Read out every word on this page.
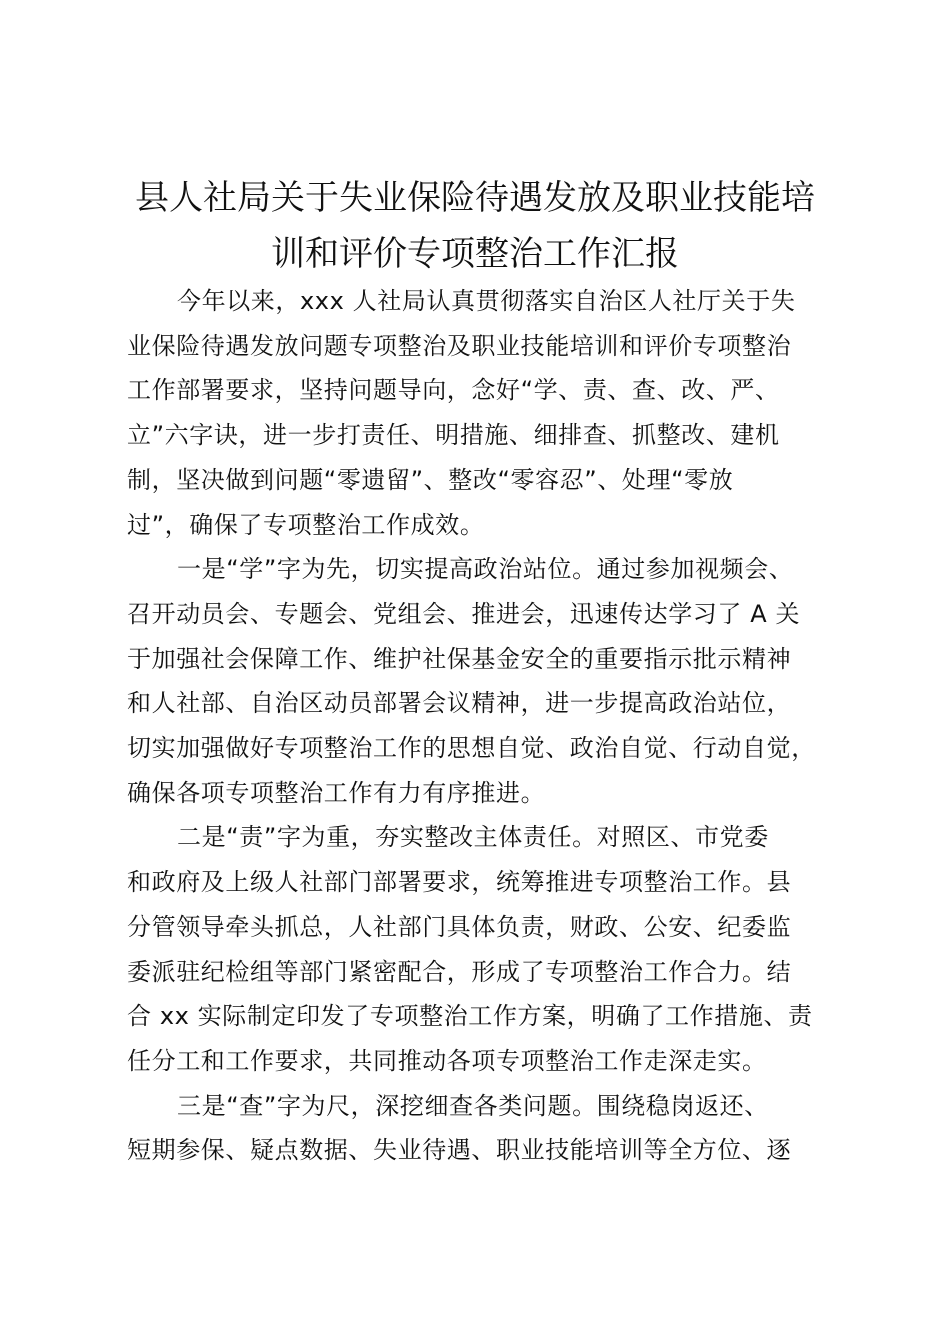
县人社局关于失业保险待遇发放及职业技能培
训和评价专项整治工作汇报

今年以来，xxx 人社局认真贯彻落实自治区人社厅关于失
业保险待遇发放问题专项整治及职业技能培训和评价专项整治
工作部署要求，坚持问题导向，念好“学、责、查、改、严、
立”六字诀，进一步打责任、明措施、细排查、抓整改、建机
制，坚决做到问题“零遗留”、整改“零容忍”、处理“零放
过”，确保了专项整治工作成效。

一是“学”字为先，切实提高政治站位。通过参加视频会、
召开动员会、专题会、党组会、推进会，迅速传达学习了 A 关
于加强社会保障工作、维护社保基金安全的重要指示批示精神
和人社部、自治区动员部署会议精神，进一步提高政治站位，
切实加强做好专项整治工作的思想自觉、政治自觉、行动自觉，
确保各项专项整治工作有力有序推进。

二是“责”字为重，夯实整改主体责任。对照区、市党委
和政府及上级人社部门部署要求，统筹推进专项整治工作。县
分管领导牵头抓总，人社部门具体负责，财政、公安、纪委监
委派驻纪检组等部门紧密配合，形成了专项整治工作合力。结
合 xx 实际制定印发了专项整治工作方案，明确了工作措施、责
任分工和工作要求，共同推动各项专项整治工作走深走实。

三是“查”字为尺，深挖细查各类问题。围绕稳岗返还、
短期参保、疑点数据、失业待遇、职业技能培训等全方位、逐
